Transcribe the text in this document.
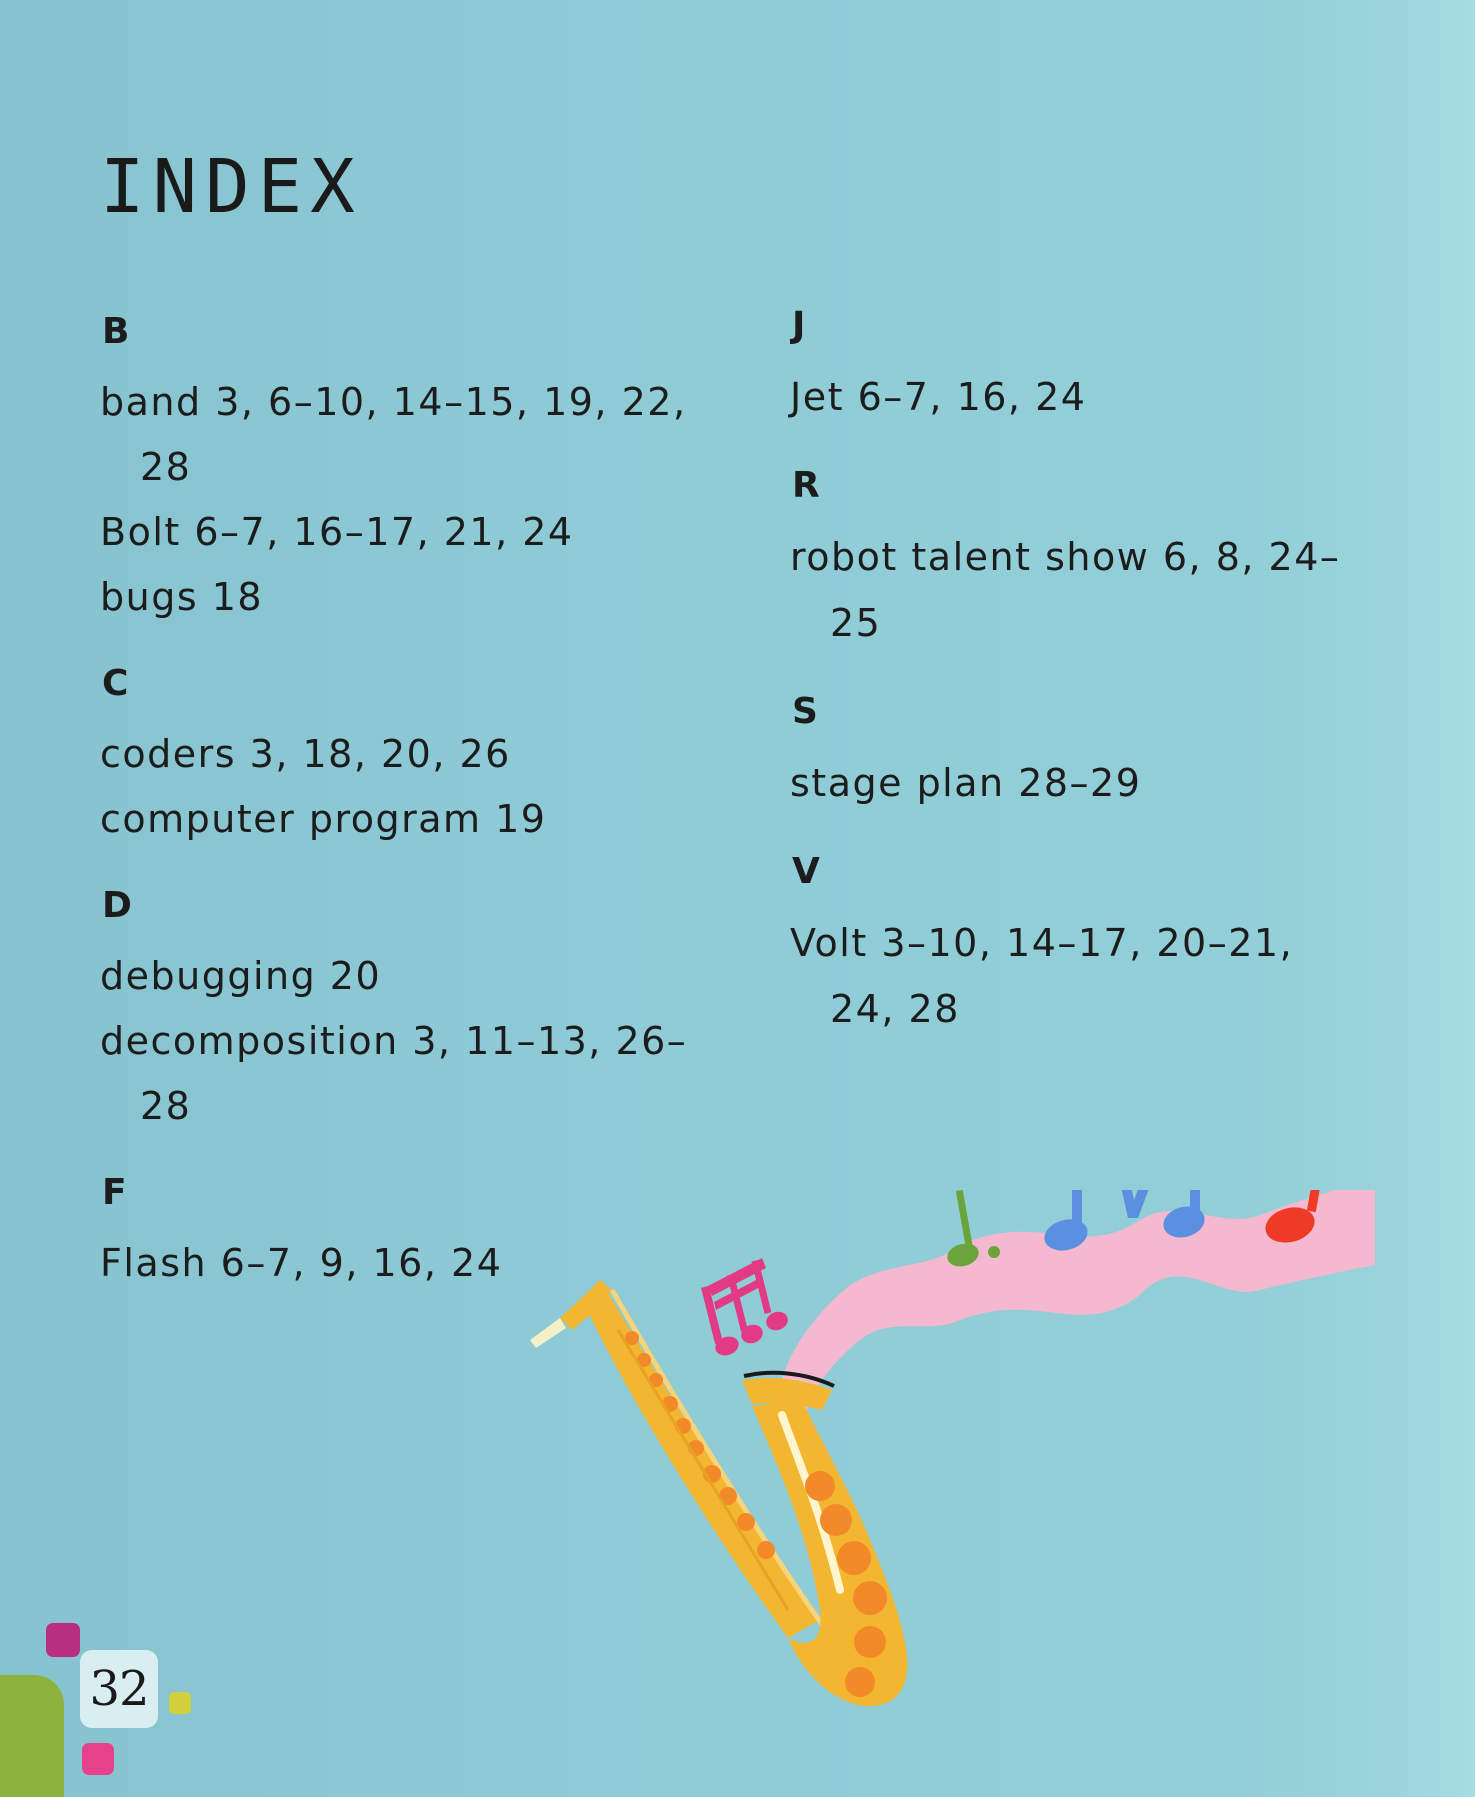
INDEX
B

band 3, 6–10, 14–15, 19, 22, 28

Bolt 6–7, 16–17, 21, 24

bugs 18

C

coders 3, 18, 20, 26

computer program 19

D

debugging 20

decomposition 3, 11–13, 26–28

F

Flash 6–7, 9, 16, 24

J

Jet 6–7, 16, 24

R

robot talent show 6, 8, 24–25

S

stage plan 28–29

V

Volt 3–10, 14–17, 20–21, 24, 28

32
